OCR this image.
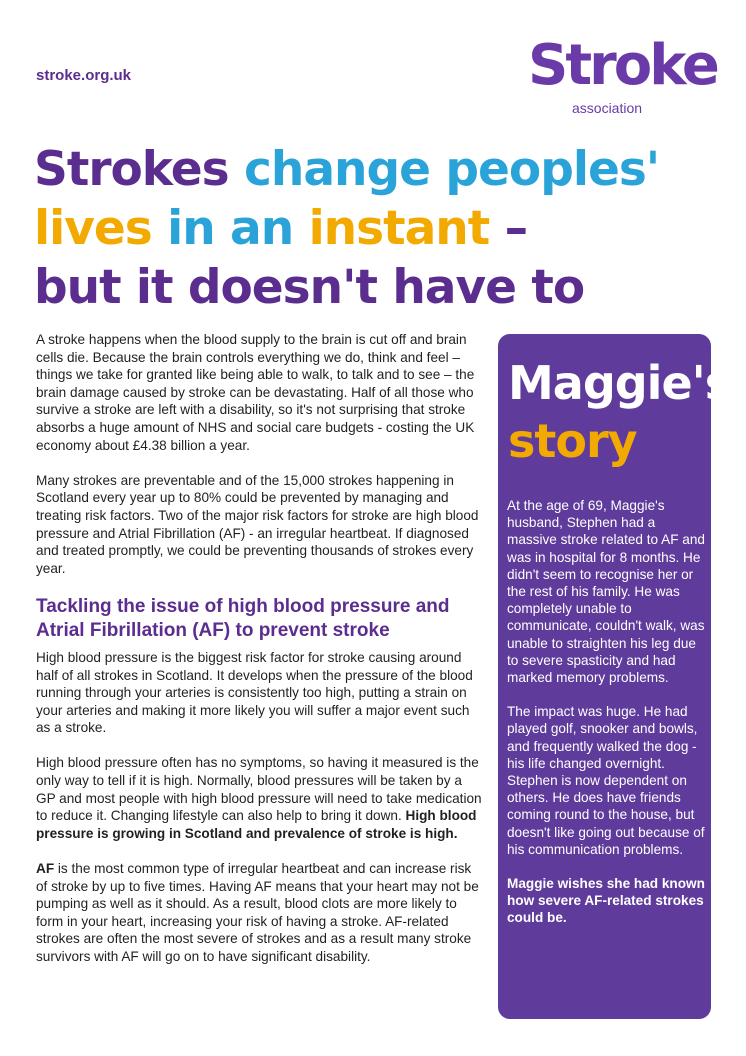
stroke.org.uk	Stroke
association
Strokes change peoples'
lives in an instant –
but it doesn't have to

A stroke happens when the blood supply to the brain is cut off and brain cells die. Because the brain controls everything we do, think and feel – things we take for granted like being able to walk, to talk and to see – the brain damage caused by stroke can be devastating. Half of all those who survive a stroke are left with a disability, so it's not surprising that stroke absorbs a huge amount of NHS and social care budgets - costing the UK economy about £4.38 billion a year.

Many strokes are preventable and of the 15,000 strokes happening in Scotland every year up to 80% could be prevented by managing and treating risk factors. Two of the major risk factors for stroke are high blood pressure and Atrial Fibrillation (AF) - an irregular heartbeat. If diagnosed and treated promptly, we could be preventing thousands of strokes every year.

Tackling the issue of high blood pressure and Atrial Fibrillation (AF) to prevent stroke

High blood pressure is the biggest risk factor for stroke causing around half of all strokes in Scotland. It develops when the pressure of the blood running through your arteries is consistently too high, putting a strain on your arteries and making it more likely you will suffer a major event such as a stroke.

High blood pressure often has no symptoms, so having it measured is the only way to tell if it is high. Normally, blood pressures will be taken by a GP and most people with high blood pressure will need to take medication to reduce it. Changing lifestyle can also help to bring it down. High blood pressure is growing in Scotland and prevalence of stroke is high.

AF is the most common type of irregular heartbeat and can increase risk of stroke by up to five times. Having AF means that your heart may not be pumping as well as it should. As a result, blood clots are more likely to form in your heart, increasing your risk of having a stroke. AF-related strokes are often the most severe of strokes and as a result many stroke survivors with AF will go on to have significant disability.

Maggie's
story

At the age of 69, Maggie's husband, Stephen had a massive stroke related to AF and was in hospital for 8 months. He didn't seem to recognise her or the rest of his family. He was completely unable to communicate, couldn't walk, was unable to straighten his leg due to severe spasticity and had marked memory problems.

The impact was huge. He had played golf, snooker and bowls, and frequently walked the dog - his life changed overnight. Stephen is now dependent on others. He does have friends coming round to the house, but doesn't like going out because of his communication problems.

Maggie wishes she had known how severe AF-related strokes could be.
